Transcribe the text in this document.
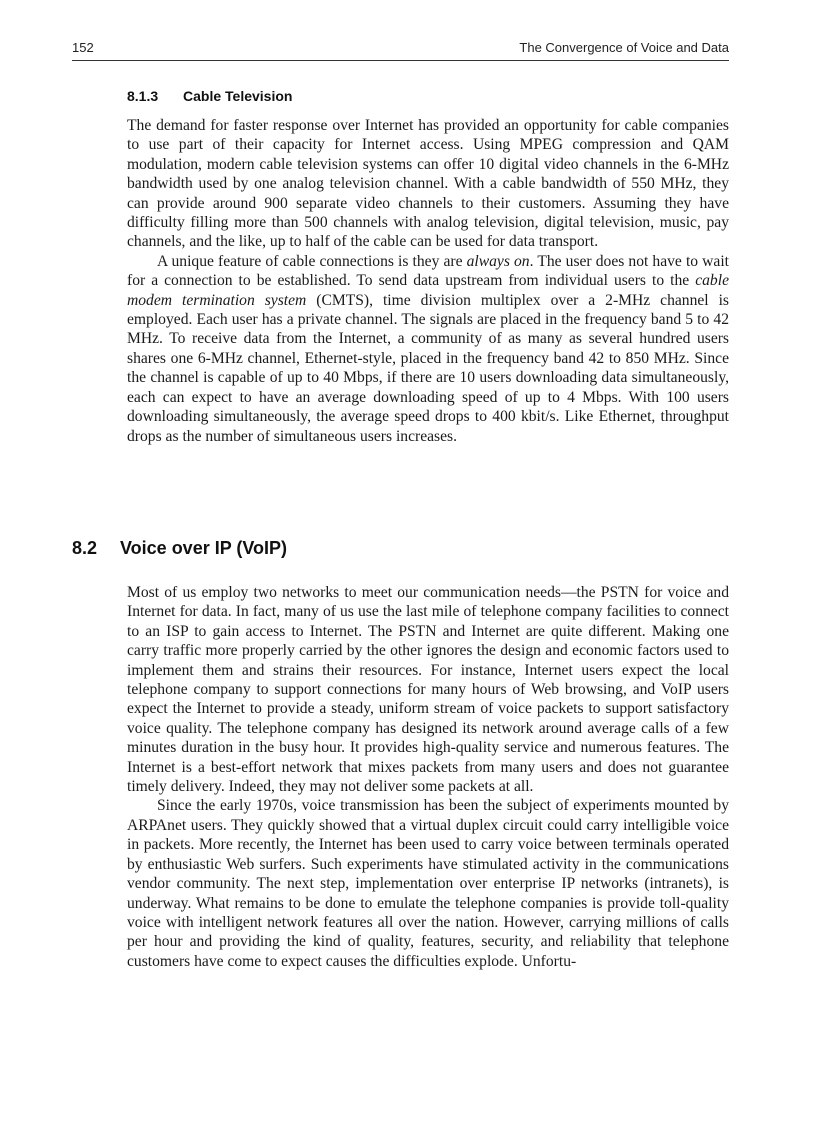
152	The Convergence of Voice and Data
8.1.3 Cable Television

The demand for faster response over Internet has provided an opportunity for cable companies to use part of their capacity for Internet access. Using MPEG compression and QAM modulation, modern cable television systems can offer 10 digital video channels in the 6-MHz bandwidth used by one analog television channel. With a cable bandwidth of 550 MHz, they can provide around 900 separate video channels to their customers. Assuming they have difficulty filling more than 500 channels with analog television, digital television, music, pay channels, and the like, up to half of the cable can be used for data transport.

A unique feature of cable connections is they are always on. The user does not have to wait for a connection to be established. To send data upstream from individual users to the cable modem termination system (CMTS), time division multiplex over a 2-MHz channel is employed. Each user has a private channel. The signals are placed in the frequency band 5 to 42 MHz. To receive data from the Internet, a community of as many as several hundred users shares one 6-MHz channel, Ethernet-style, placed in the frequency band 42 to 850 MHz. Since the channel is capable of up to 40 Mbps, if there are 10 users downloading data simultaneously, each can expect to have an average downloading speed of up to 4 Mbps. With 100 users downloading simultaneously, the average speed drops to 400 kbit/s. Like Ethernet, throughput drops as the number of simultaneous users increases.

8.2 Voice over IP (VoIP)

Most of us employ two networks to meet our communication needs—the PSTN for voice and Internet for data. In fact, many of us use the last mile of telephone company facilities to connect to an ISP to gain access to Internet. The PSTN and Internet are quite different. Making one carry traffic more properly carried by the other ignores the design and economic factors used to implement them and strains their resources. For instance, Internet users expect the local telephone company to support connections for many hours of Web browsing, and VoIP users expect the Internet to provide a steady, uniform stream of voice packets to support satisfactory voice quality. The telephone company has designed its network around average calls of a few minutes duration in the busy hour. It provides high-quality service and numerous features. The Internet is a best-effort network that mixes packets from many users and does not guarantee timely delivery. Indeed, they may not deliver some packets at all.

Since the early 1970s, voice transmission has been the subject of experiments mounted by ARPAnet users. They quickly showed that a virtual duplex circuit could carry intelligible voice in packets. More recently, the Internet has been used to carry voice between terminals operated by enthusiastic Web surfers. Such experiments have stimulated activity in the communications vendor community. The next step, implementation over enterprise IP networks (intranets), is underway. What remains to be done to emulate the telephone companies is provide toll-quality voice with intelligent network features all over the nation. However, carrying millions of calls per hour and providing the kind of quality, features, security, and reliability that telephone customers have come to expect causes the difficulties explode. Unfortu-
